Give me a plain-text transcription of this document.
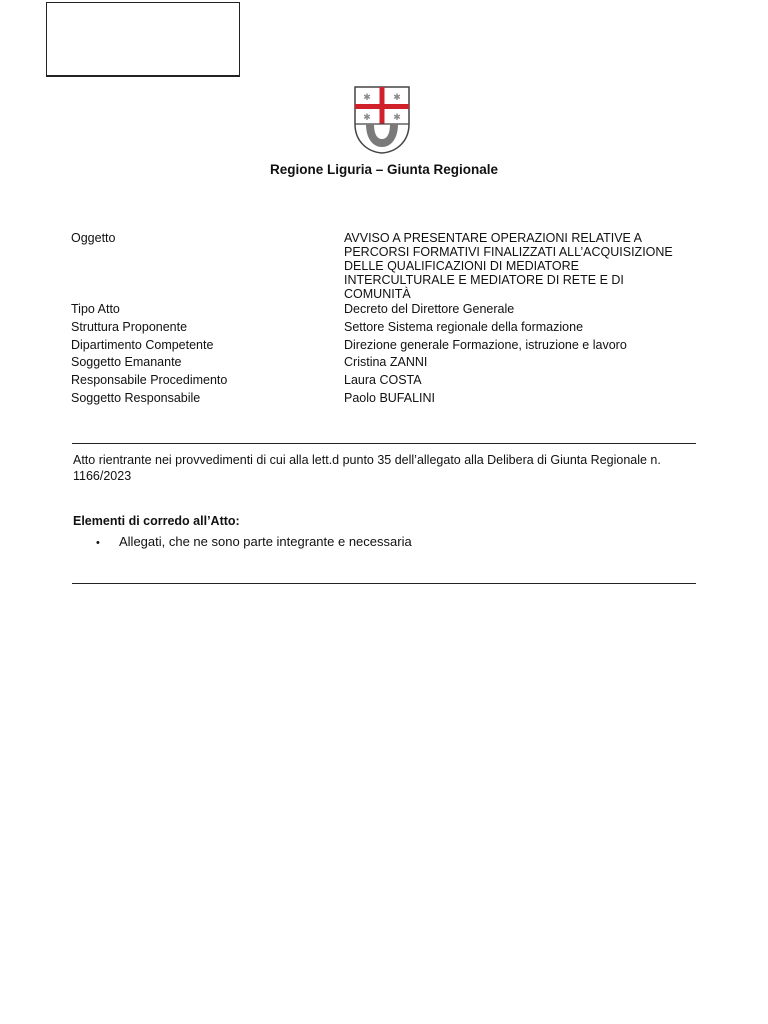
✱ ✱
✱ ✱
Regione Liguria – Giunta Regionale
Oggetto	AVVISO A PRESENTARE OPERAZIONI RELATIVE A PERCORSI FORMATIVI FINALIZZATI ALL’ACQUISIZIONE DELLE QUALIFICAZIONI DI MEDIATORE INTERCULTURALE E MEDIATORE DI RETE E DI COMUNITÀ
Tipo Atto	Decreto del Direttore Generale
Struttura Proponente	Settore Sistema regionale della formazione
Dipartimento Competente	Direzione generale Formazione, istruzione e lavoro
Soggetto Emanante	Cristina ZANNI
Responsabile Procedimento	Laura COSTA
Soggetto Responsabile	Paolo BUFALINI
Atto rientrante nei provvedimenti di cui alla lett.d punto 35 dell’allegato alla Delibera di Giunta Regionale n. 1166/2023
Elementi di corredo all’Atto:
• Allegati, che ne sono parte integrante e necessaria
